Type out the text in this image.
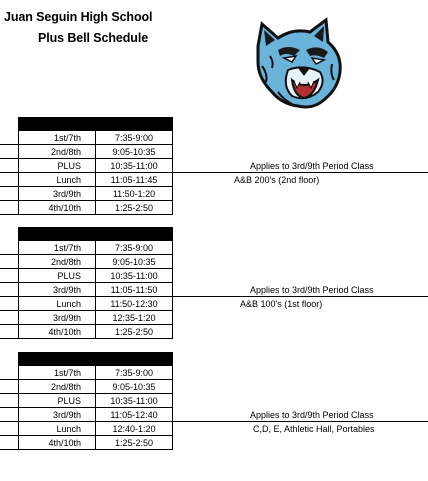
Juan Seguin High School
Plus Bell Schedule
1st/7th	7:35-9:00
2nd/8th	9:05-10:35
PLUS	10:35-11:00	Applies to 3rd/9th Period Class
Lunch	11:05-11:45	A&B 200's (2nd floor)
3rd/9th	11:50-1:20
4th/10th	1:25-2:50
1st/7th	7:35-9:00
2nd/8th	9:05-10:35
PLUS	10:35-11:00
3rd/9th	11:05-11:50	Applies to 3rd/9th Period Class
Lunch	11:50-12:30	A&B 100's (1st floor)
3rd/9th	12:35-1:20
4th/10th	1:25-2:50
1st/7th	7:35-9:00
2nd/8th	9:05-10:35
PLUS	10:35-11:00
3rd/9th	11:05-12:40	Applies to 3rd/9th Period Class
Lunch	12:40-1:20	C,D, E, Athletic Hall, Portables
4th/10th	1:25-2:50
